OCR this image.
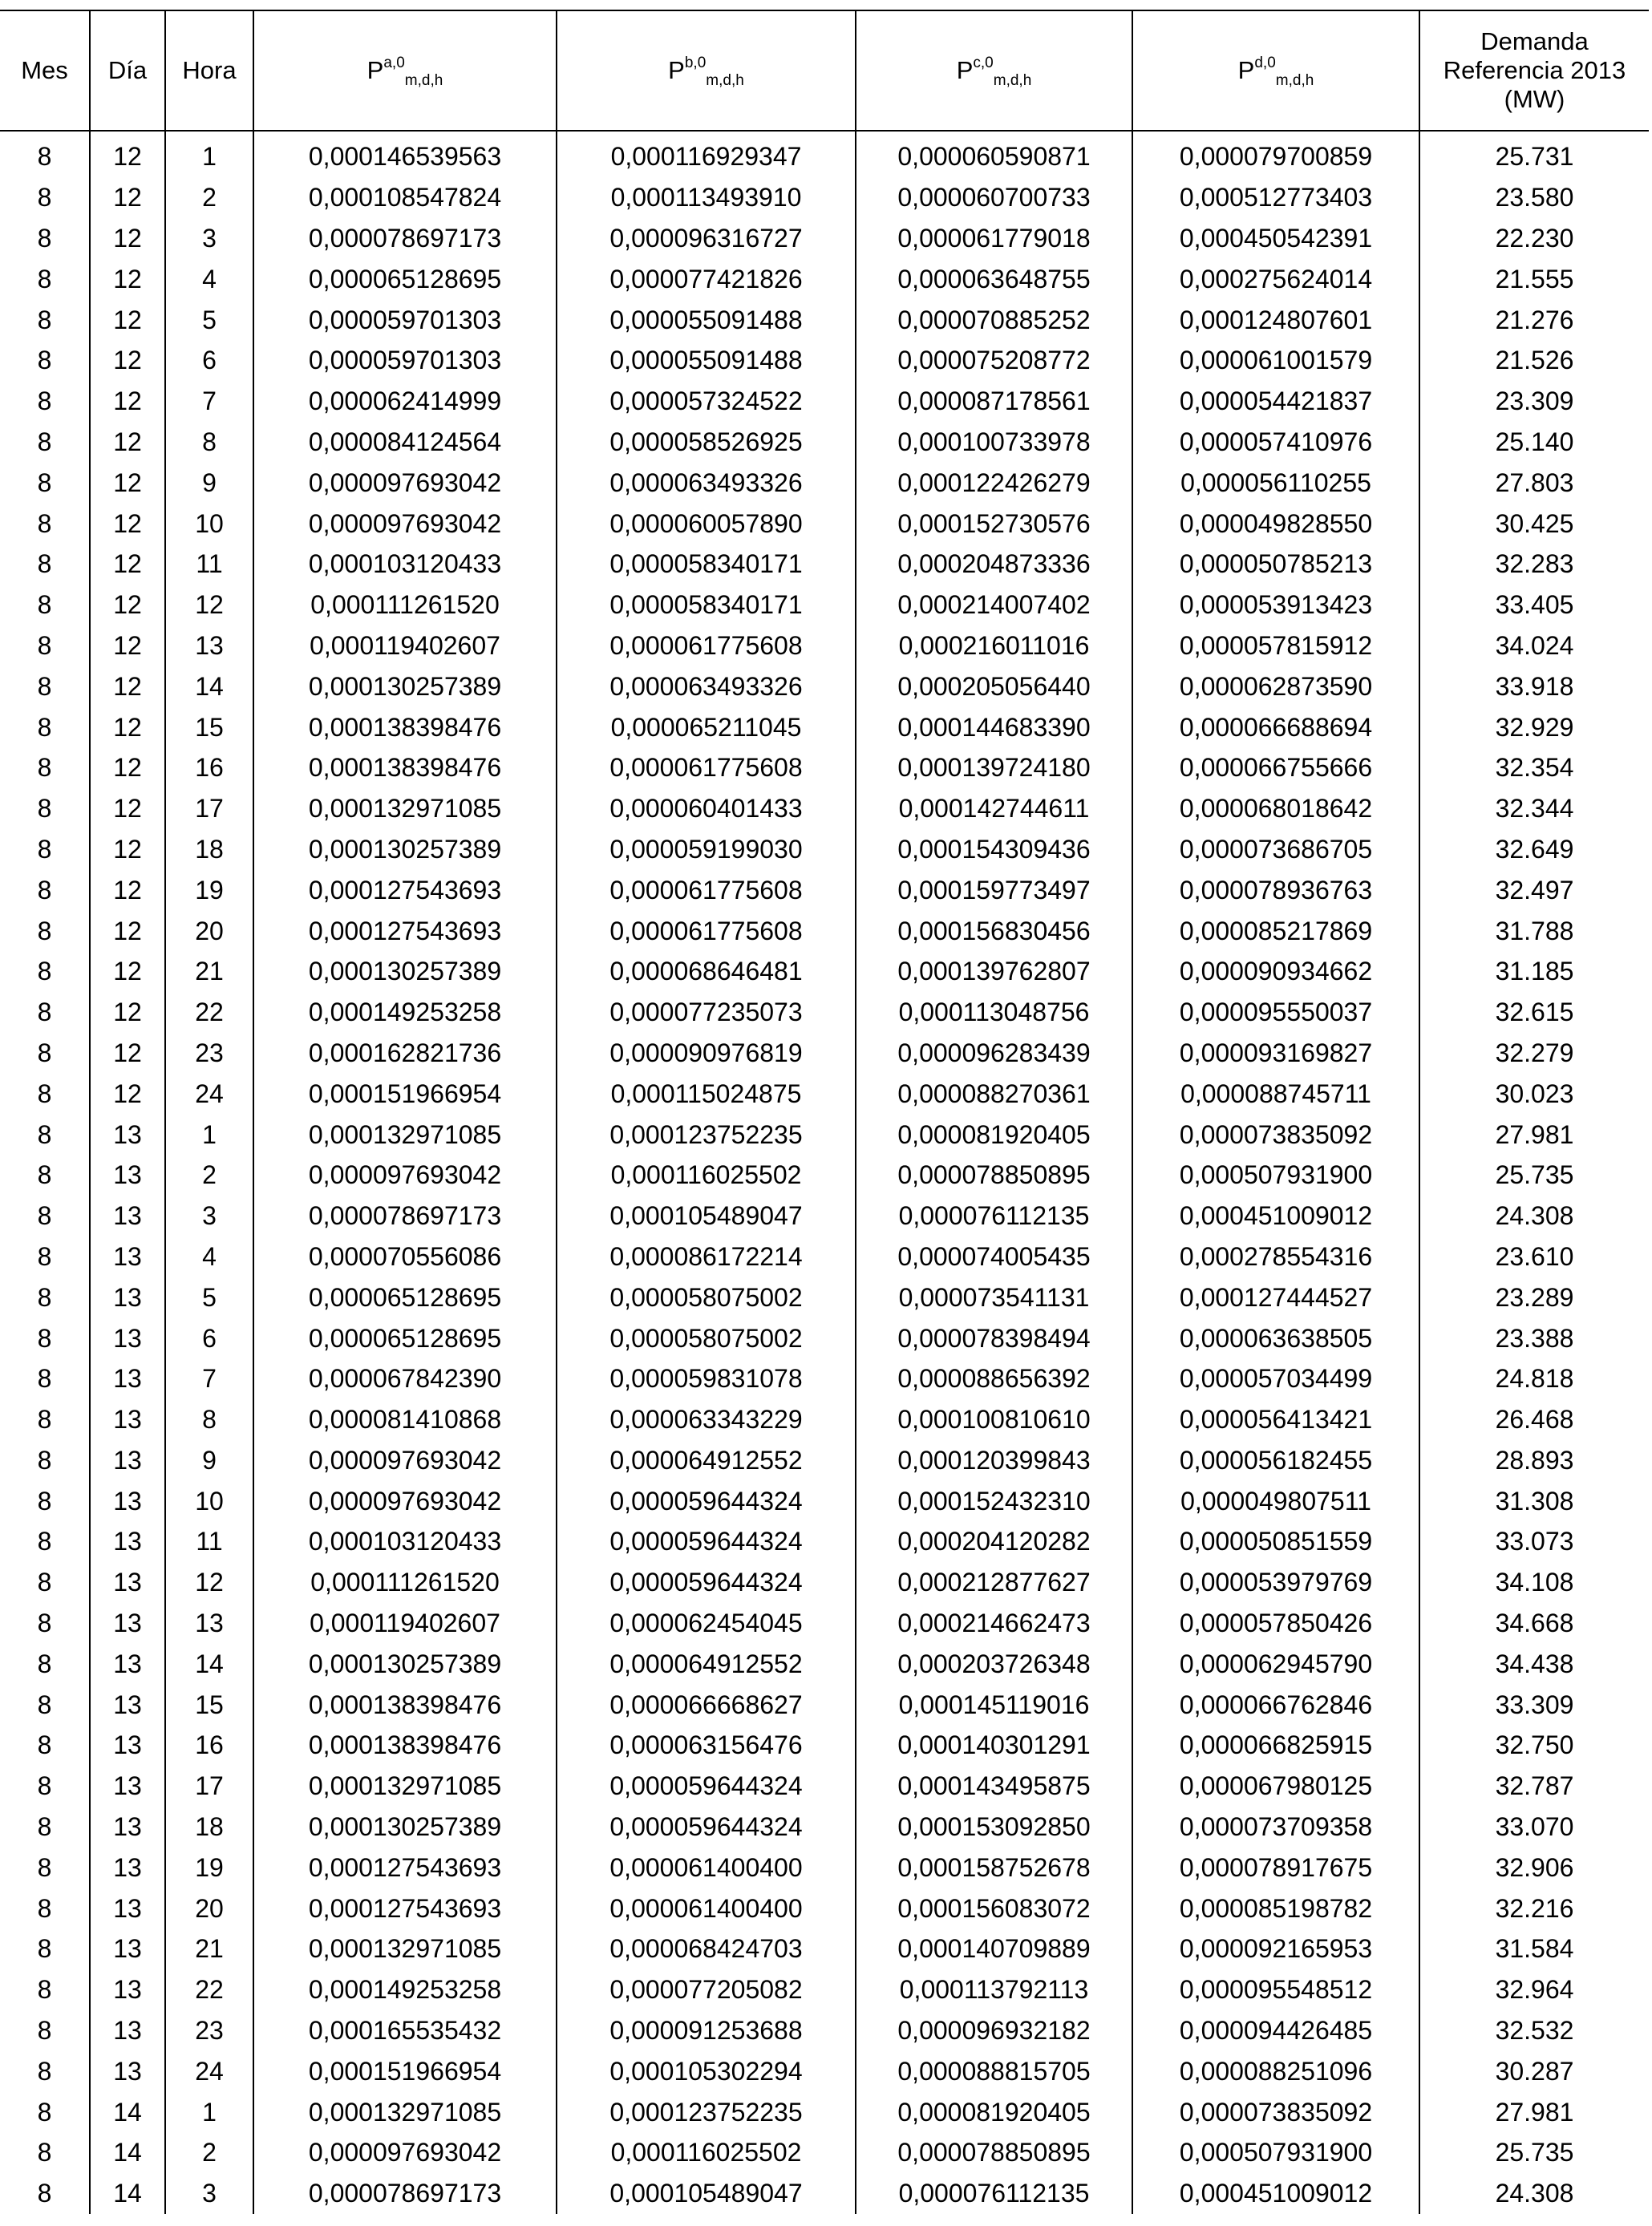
Mes	Día	Hora	P$^{a,0}_{m,d,h}$	P$^{b,0}_{m,d,h}$	P$^{c,0}_{m,d,h}$	P$^{d,0}_{m,d,h}$	Demanda
Referencia 2013
(MW)
8	12	1	0,000146539563	0,000116929347	0,000060590871	0,000079700859	25.731
8	12	2	0,000108547824	0,000113493910	0,000060700733	0,000512773403	23.580
8	12	3	0,000078697173	0,000096316727	0,000061779018	0,000450542391	22.230
8	12	4	0,000065128695	0,000077421826	0,000063648755	0,000275624014	21.555
8	12	5	0,000059701303	0,000055091488	0,000070885252	0,000124807601	21.276
8	12	6	0,000059701303	0,000055091488	0,000075208772	0,000061001579	21.526
8	12	7	0,000062414999	0,000057324522	0,000087178561	0,000054421837	23.309
8	12	8	0,000084124564	0,000058526925	0,000100733978	0,000057410976	25.140
8	12	9	0,000097693042	0,000063493326	0,000122426279	0,000056110255	27.803
8	12	10	0,000097693042	0,000060057890	0,000152730576	0,000049828550	30.425
8	12	11	0,000103120433	0,000058340171	0,000204873336	0,000050785213	32.283
8	12	12	0,000111261520	0,000058340171	0,000214007402	0,000053913423	33.405
8	12	13	0,000119402607	0,000061775608	0,000216011016	0,000057815912	34.024
8	12	14	0,000130257389	0,000063493326	0,000205056440	0,000062873590	33.918
8	12	15	0,000138398476	0,000065211045	0,000144683390	0,000066688694	32.929
8	12	16	0,000138398476	0,000061775608	0,000139724180	0,000066755666	32.354
8	12	17	0,000132971085	0,000060401433	0,000142744611	0,000068018642	32.344
8	12	18	0,000130257389	0,000059199030	0,000154309436	0,000073686705	32.649
8	12	19	0,000127543693	0,000061775608	0,000159773497	0,000078936763	32.497
8	12	20	0,000127543693	0,000061775608	0,000156830456	0,000085217869	31.788
8	12	21	0,000130257389	0,000068646481	0,000139762807	0,000090934662	31.185
8	12	22	0,000149253258	0,000077235073	0,000113048756	0,000095550037	32.615
8	12	23	0,000162821736	0,000090976819	0,000096283439	0,000093169827	32.279
8	12	24	0,000151966954	0,000115024875	0,000088270361	0,000088745711	30.023
8	13	1	0,000132971085	0,000123752235	0,000081920405	0,000073835092	27.981
8	13	2	0,000097693042	0,000116025502	0,000078850895	0,000507931900	25.735
8	13	3	0,000078697173	0,000105489047	0,000076112135	0,000451009012	24.308
8	13	4	0,000070556086	0,000086172214	0,000074005435	0,000278554316	23.610
8	13	5	0,000065128695	0,000058075002	0,000073541131	0,000127444527	23.289
8	13	6	0,000065128695	0,000058075002	0,000078398494	0,000063638505	23.388
8	13	7	0,000067842390	0,000059831078	0,000088656392	0,000057034499	24.818
8	13	8	0,000081410868	0,000063343229	0,000100810610	0,000056413421	26.468
8	13	9	0,000097693042	0,000064912552	0,000120399843	0,000056182455	28.893
8	13	10	0,000097693042	0,000059644324	0,000152432310	0,000049807511	31.308
8	13	11	0,000103120433	0,000059644324	0,000204120282	0,000050851559	33.073
8	13	12	0,000111261520	0,000059644324	0,000212877627	0,000053979769	34.108
8	13	13	0,000119402607	0,000062454045	0,000214662473	0,000057850426	34.668
8	13	14	0,000130257389	0,000064912552	0,000203726348	0,000062945790	34.438
8	13	15	0,000138398476	0,000066668627	0,000145119016	0,000066762846	33.309
8	13	16	0,000138398476	0,000063156476	0,000140301291	0,000066825915	32.750
8	13	17	0,000132971085	0,000059644324	0,000143495875	0,000067980125	32.787
8	13	18	0,000130257389	0,000059644324	0,000153092850	0,000073709358	33.070
8	13	19	0,000127543693	0,000061400400	0,000158752678	0,000078917675	32.906
8	13	20	0,000127543693	0,000061400400	0,000156083072	0,000085198782	32.216
8	13	21	0,000132971085	0,000068424703	0,000140709889	0,000092165953	31.584
8	13	22	0,000149253258	0,000077205082	0,000113792113	0,000095548512	32.964
8	13	23	0,000165535432	0,000091253688	0,000096932182	0,000094426485	32.532
8	13	24	0,000151966954	0,000105302294	0,000088815705	0,000088251096	30.287
8	14	1	0,000132971085	0,000123752235	0,000081920405	0,000073835092	27.981
8	14	2	0,000097693042	0,000116025502	0,000078850895	0,000507931900	25.735
8	14	3	0,000078697173	0,000105489047	0,000076112135	0,000451009012	24.308
